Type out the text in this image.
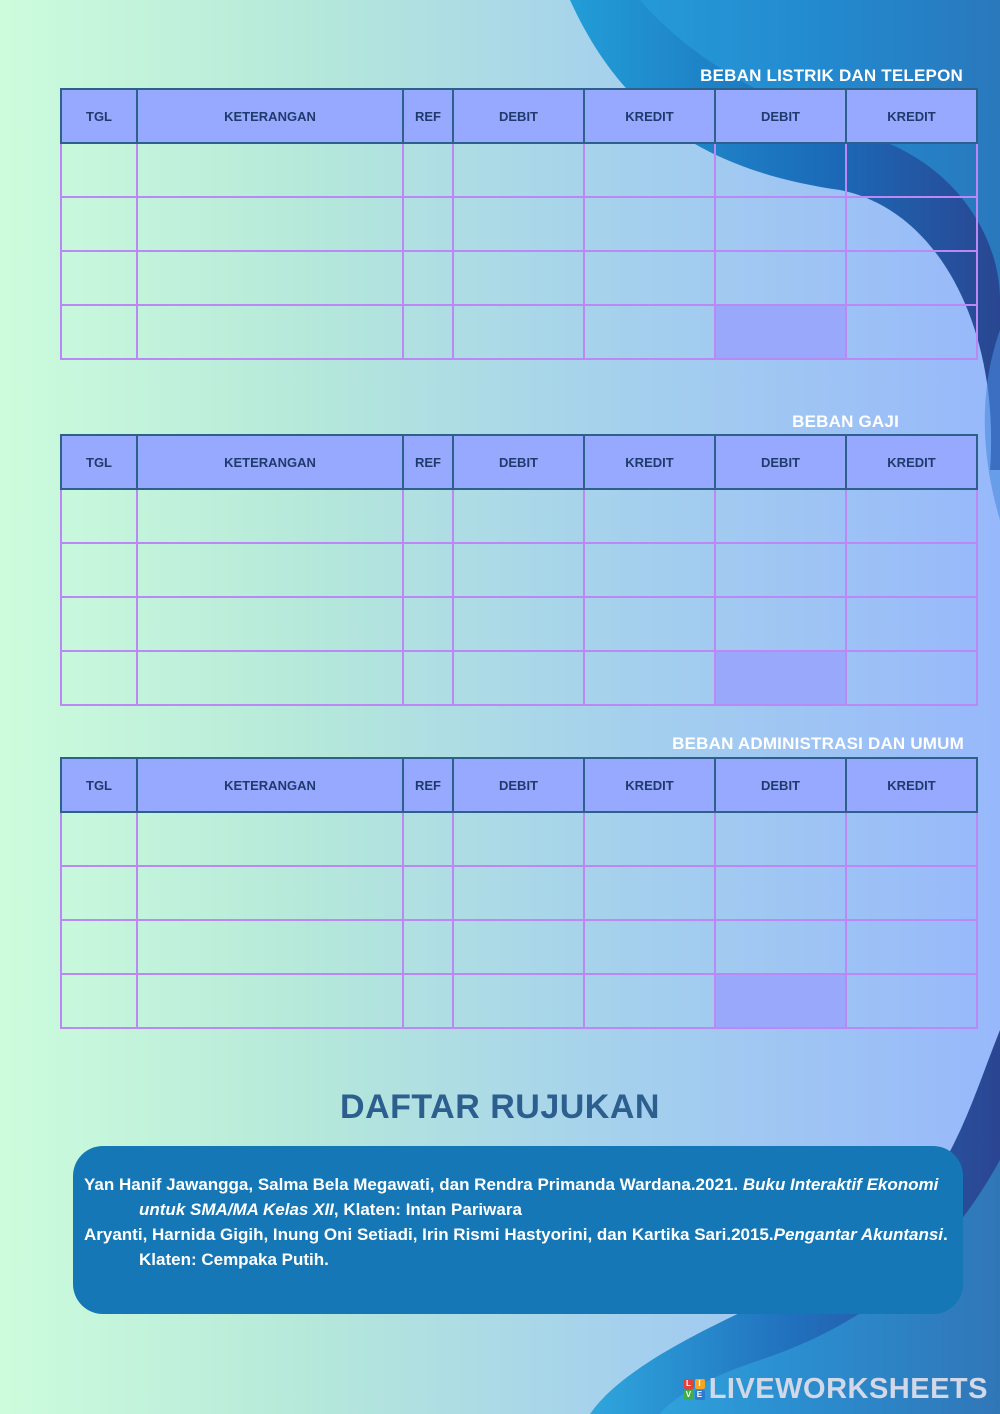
BEBAN LISTRIK DAN TELEPON
TGL	KETERANGAN	REF	DEBIT	KREDIT	DEBIT	KREDIT

BEBAN GAJI
TGL	KETERANGAN	REF	DEBIT	KREDIT	DEBIT	KREDIT

BEBAN ADMINISTRASI DAN UMUM
TGL	KETERANGAN	REF	DEBIT	KREDIT	DEBIT	KREDIT

DAFTAR RUJUKAN

Yan Hanif Jawangga, Salma Bela Megawati, dan Rendra Primanda Wardana.2021. Buku Interaktif Ekonomi untuk SMA/MA Kelas XII, Klaten: Intan Pariwara

Aryanti, Harnida Gigih, Inung Oni Setiadi, Irin Rismi Hastyorini, dan Kartika Sari.2015.Pengantar Akuntansi. Klaten: Cempaka Putih.

L I
V E LIVEWORKSHEETS
